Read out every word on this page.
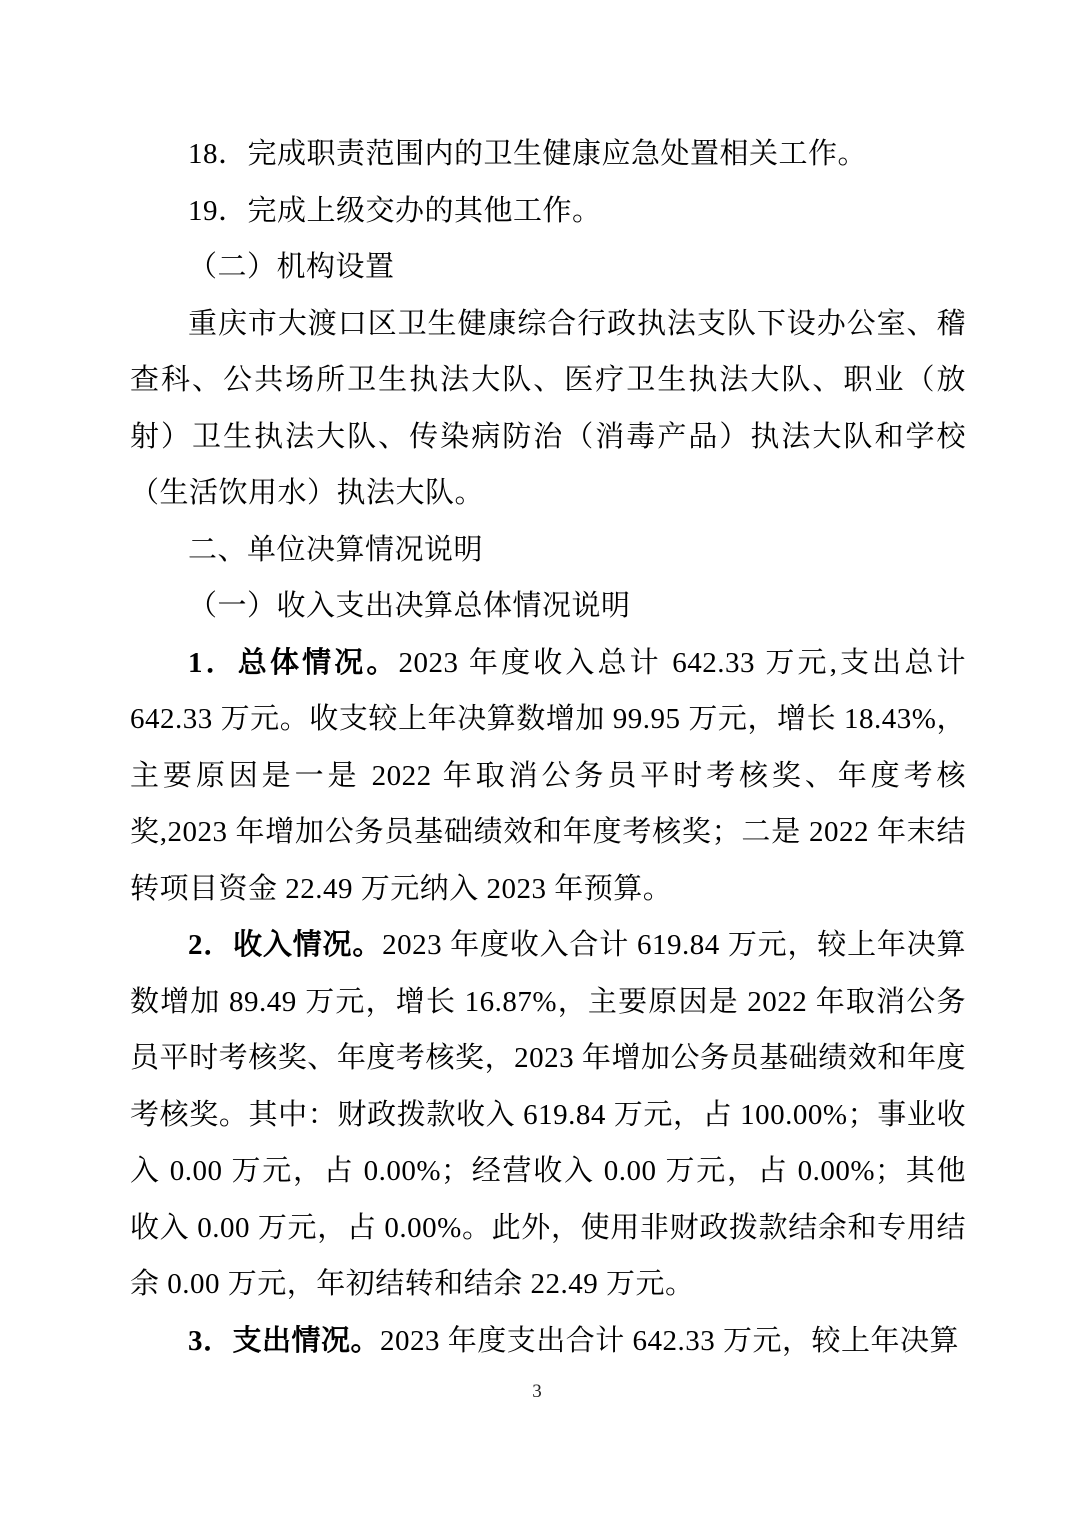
18．完成职责范围内的卫生健康应急处置相关工作。

19．完成上级交办的其他工作。

（二）机构设置

重庆市大渡口区卫生健康综合行政执法支队下设办公室、稽查科、公共场所卫生执法大队、医疗卫生执法大队、职业（放射）卫生执法大队、传染病防治（消毒产品）执法大队和学校（生活饮用水）执法大队。

二、单位决算情况说明
（一）收入支出决算总体情况说明

1．总体情况。2023 年度收入总计 642.33 万元,支出总计 642.33 万元。收支较上年决算数增加 99.95 万元，增长 18.43%，主要原因是一是 2022 年取消公务员平时考核奖、年度考核奖,2023 年增加公务员基础绩效和年度考核奖；二是 2022 年末结转项目资金 22.49 万元纳入 2023 年预算。

2．收入情况。2023 年度收入合计 619.84 万元，较上年决算数增加 89.49 万元，增长 16.87%，主要原因是 2022 年取消公务员平时考核奖、年度考核奖，2023 年增加公务员基础绩效和年度考核奖。其中：财政拨款收入 619.84 万元，占 100.00%；事业收入 0.00 万元，占 0.00%；经营收入 0.00 万元，占 0.00%；其他收入 0.00 万元，占 0.00%。此外，使用非财政拨款结余和专用结余 0.00 万元，年初结转和结余 22.49 万元。

3．支出情况。2023 年度支出合计 642.33 万元，较上年决算

3
